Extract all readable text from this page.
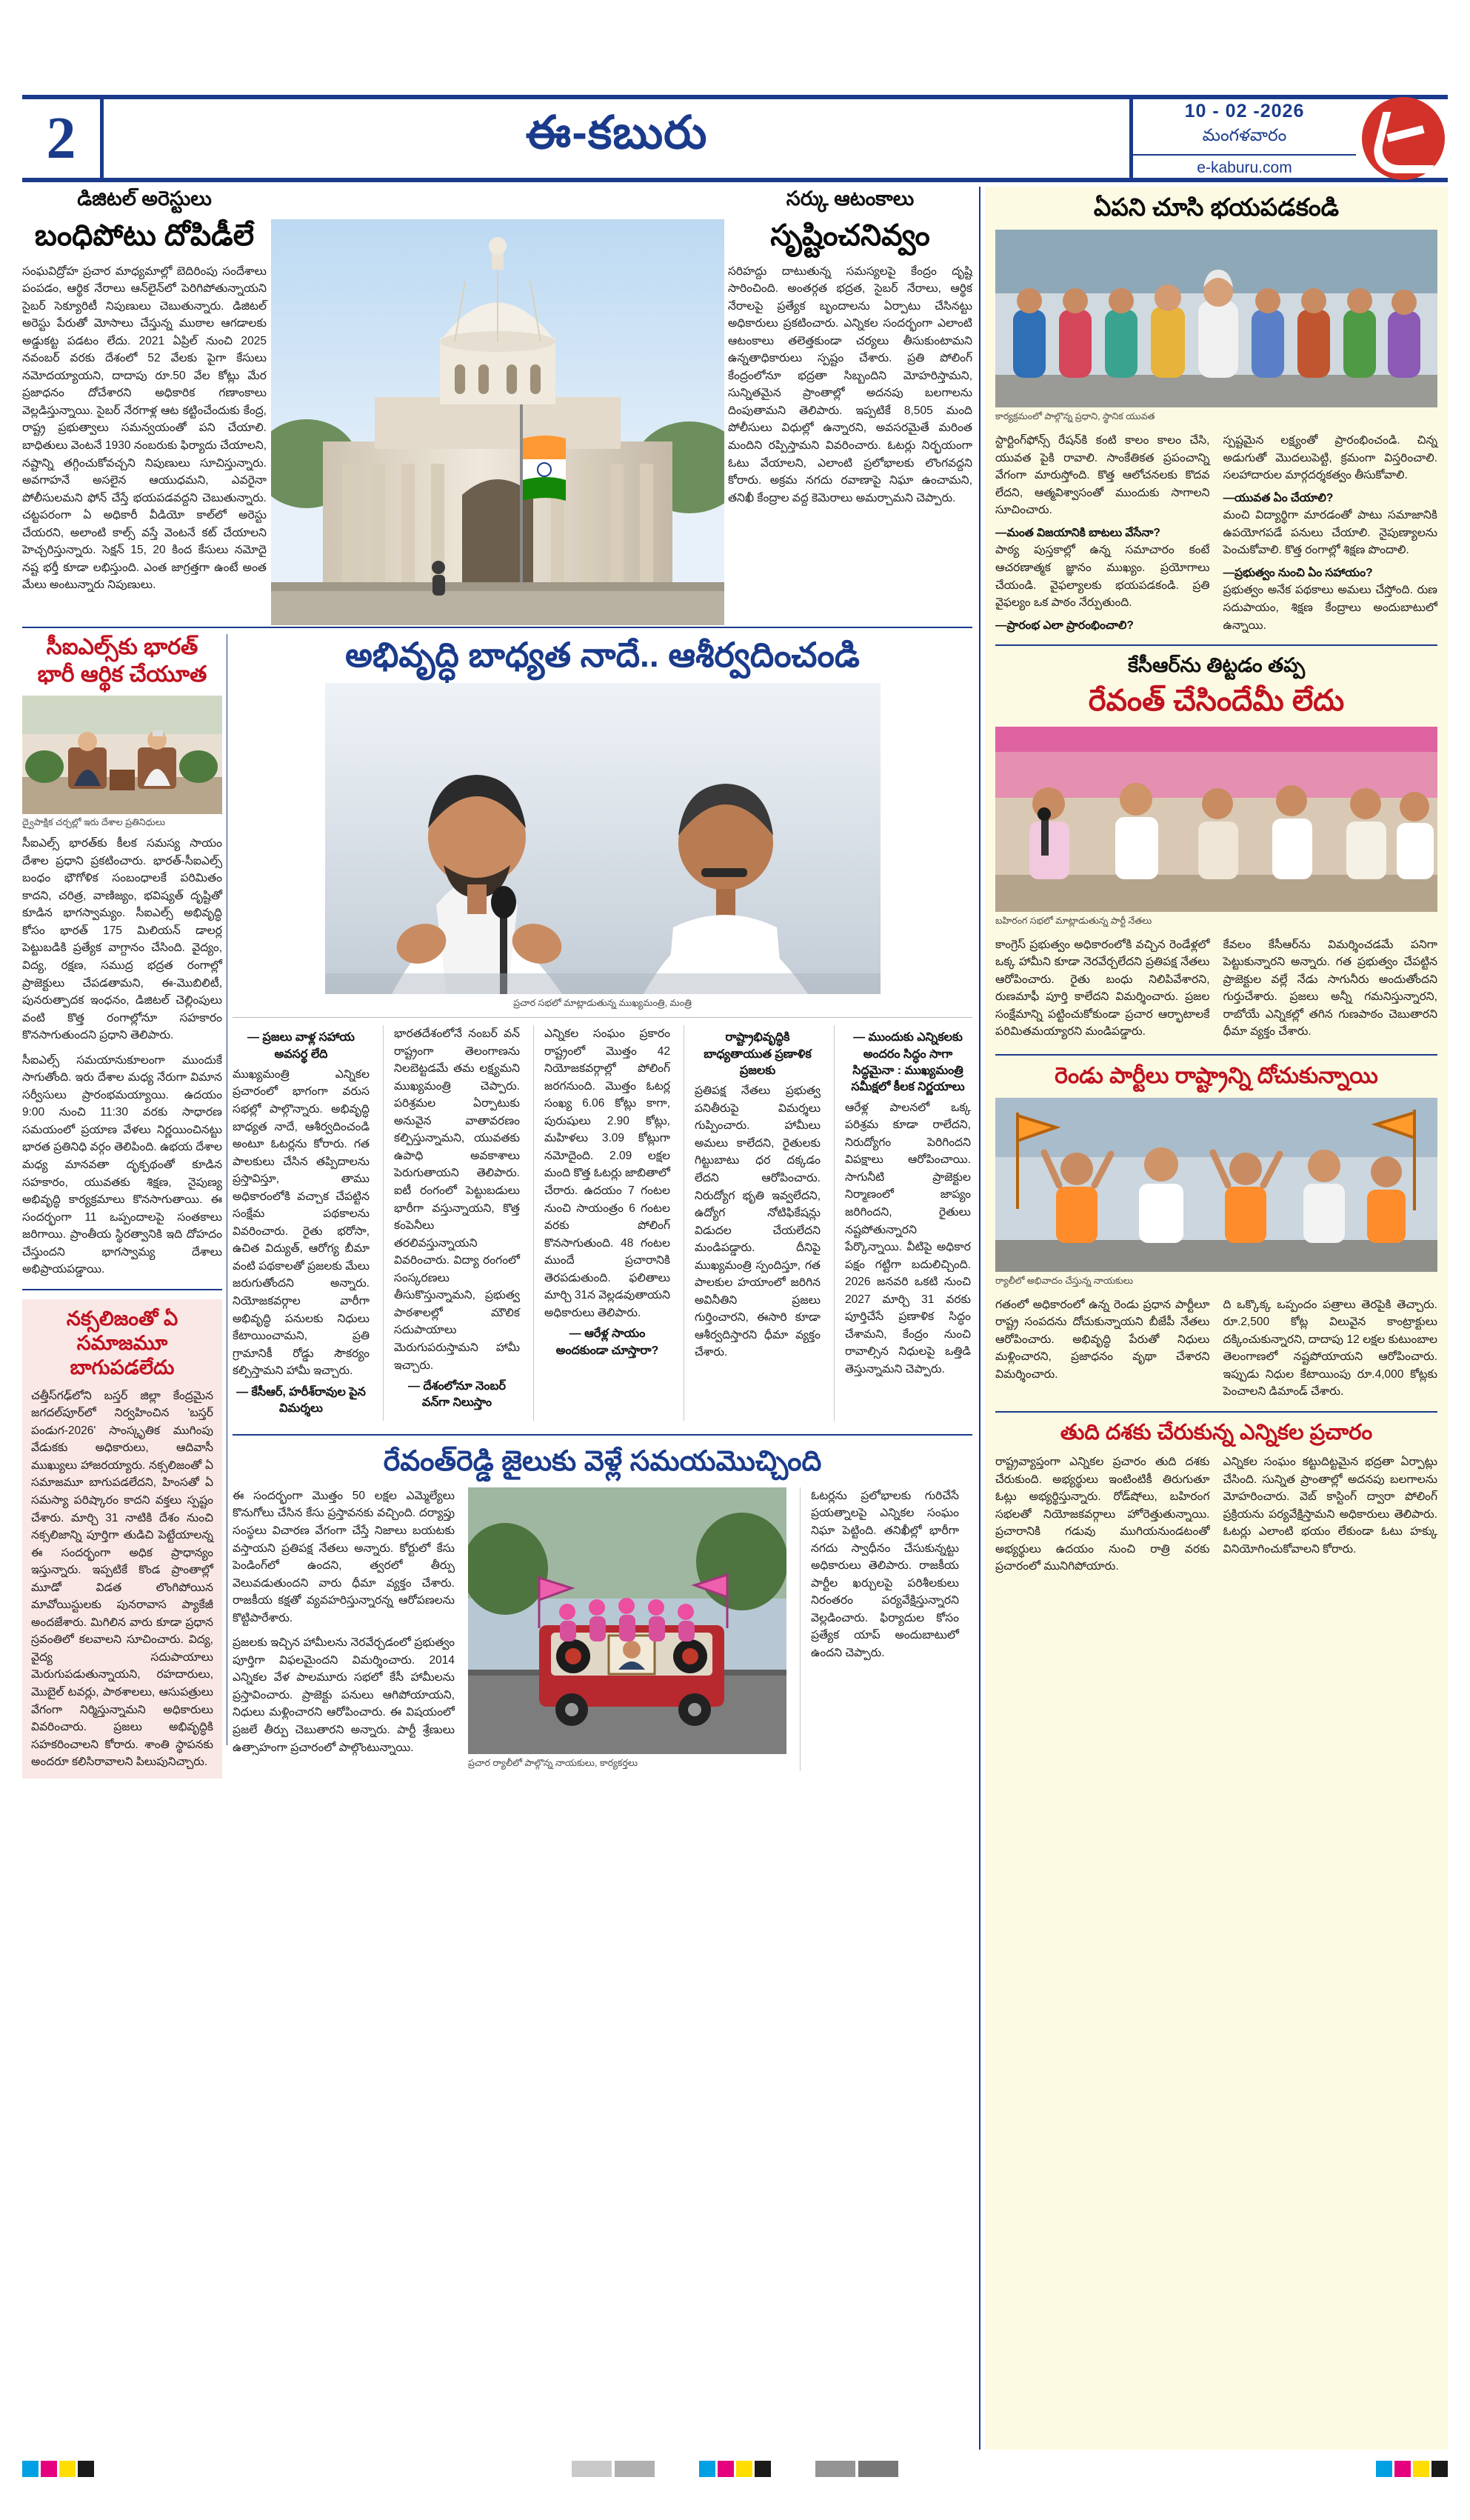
2	ఈ-కబురు	10 - 02 -2026
మంగళవారం
e-kaburu.com
డిజిటల్ అరెస్టులు
బంధిపోటు దోపిడీలే
సంఘవిద్రోహ ప్రచార మాధ్యమాల్లో బెదిరింపు సందేశాలు పంపడం, ఆర్థిక నేరాలు ఆన్‌లైన్‌లో పెరిగిపోతున్నాయని సైబర్ సెక్యూరిటీ నిపుణులు చెబుతున్నారు. డిజిటల్ అరెస్టు పేరుతో మోసాలు చేస్తున్న ముఠాల ఆగడాలకు అడ్డుకట్ట పడటం లేదు. 2021 ఏప్రిల్ నుంచి 2025 నవంబర్ వరకు దేశంలో 52 వేలకు పైగా కేసులు నమోదయ్యాయని, దాదాపు రూ.50 వేల కోట్లు మేర ప్రజాధనం దోచేశారని అధికారిక గణాంకాలు వెల్లడిస్తున్నాయి. సైబర్ నేరగాళ్ల ఆట కట్టించేందుకు కేంద్ర, రాష్ట్ర ప్రభుత్వాలు సమన్వయంతో పని చేయాలి. బాధితులు వెంటనే 1930 నంబరుకు ఫిర్యాదు చేయాలని, నష్టాన్ని తగ్గించుకోవచ్చని నిపుణులు సూచిస్తున్నారు. అవగాహనే అసలైన ఆయుధమని, ఎవరైనా పోలీసులమని ఫోన్ చేస్తే భయపడవద్దని చెబుతున్నారు. చట్టపరంగా ఏ అధికారీ వీడియో కాల్‌లో అరెస్టు చేయరని, అలాంటి కాల్స్ వస్తే వెంటనే కట్ చేయాలని హెచ్చరిస్తున్నారు. సెక్షన్ 15, 20 కింద కేసులు నమోదై నష్ట భర్తీ కూడా లభిస్తుంది. ఎంత జాగ్రత్తగా ఉంటే అంత మేలు అంటున్నారు నిపుణులు.
సర్కు ఆటంకాలు
సృష్టించనివ్వం
సరిహద్దు దాటుతున్న సమస్యలపై కేంద్రం దృష్టి సారించింది. అంతర్గత భద్రత, సైబర్ నేరాలు, ఆర్థిక నేరాలపై ప్రత్యేక బృందాలను ఏర్పాటు చేసినట్టు అధికారులు ప్రకటించారు. ఎన్నికల సందర్భంగా ఎలాంటి ఆటంకాలు తలెత్తకుండా చర్యలు తీసుకుంటామని ఉన్నతాధికారులు స్పష్టం చేశారు. ప్రతి పోలింగ్ కేంద్రంలోనూ భద్రతా సిబ్బందిని మోహరిస్తామని, సున్నితమైన ప్రాంతాల్లో అదనపు బలగాలను దింపుతామని తెలిపారు. ఇప్పటికే 8,505 మంది పోలీసులు విధుల్లో ఉన్నారని, అవసరమైతే మరింత మందిని రప్పిస్తామని వివరించారు. ఓటర్లు నిర్భయంగా ఓటు వేయాలని, ఎలాంటి ప్రలోభాలకు లొంగవద్దని కోరారు. అక్రమ నగదు రవాణాపై నిఘా ఉంచామని, తనిఖీ కేంద్రాల వద్ద కెమెరాలు అమర్చామని చెప్పారు.
సీఐఎల్స్‌కు భారత్
భారీ ఆర్థిక చేయూత
ద్వైపాక్షిక చర్చల్లో ఇరు దేశాల ప్రతినిధులు
సీఐఎల్స్ భారత్‌కు కీలక సమస్య సాయం దేశాల ప్రధాని ప్రకటించారు. భారత్-సీఐఎల్స్ బంధం భౌగోళిక సంబంధాలకే పరిమితం కాదని, చరిత్ర, వాణిజ్యం, భవిష్యత్ దృష్టితో కూడిన భాగస్వామ్యం. సీఐఎల్స్ అభివృద్ధి కోసం భారత్ 175 మిలియన్ డాలర్ల పెట్టుబడికి ప్రత్యేక వాగ్దానం చేసింది. వైద్యం, విద్య, రక్షణ, సముద్ర భద్రత రంగాల్లో ప్రాజెక్టులు చేపడతామని, ఈ-మొబిలిటీ, పునరుత్పాదక ఇంధనం, డిజిటల్ చెల్లింపులు వంటి కొత్త రంగాల్లోనూ సహకారం కొనసాగుతుందని ప్రధాని తెలిపారు.
సీఐఎల్స్ సమయానుకూలంగా ముందుకే సాగుతోంది. ఇరు దేశాల మధ్య నేరుగా విమాన సర్వీసులు ప్రారంభమయ్యాయి. ఉదయం 9:00 నుంచి 11:30 వరకు సాధారణ సమయంలో ప్రయాణ వేళలు నిర్ణయించినట్టు భారత ప్రతినిధి వర్గం తెలిపింది. ఉభయ దేశాల మధ్య మానవతా దృక్పథంతో కూడిన సహకారం, యువతకు శిక్షణ, నైపుణ్య అభివృద్ధి కార్యక్రమాలు కొనసాగుతాయి. ఈ సందర్భంగా 11 ఒప్పందాలపై సంతకాలు జరిగాయి. ప్రాంతీయ స్థిరత్వానికి ఇది దోహదం చేస్తుందని భాగస్వామ్య దేశాలు అభిప్రాయపడ్డాయి.
నక్సలిజంతో ఏ సమాజమూ
బాగుపడలేదు
చత్తీస్‌గఢ్‌లోని బస్తర్ జిల్లా కేంద్రమైన జగదల్‌పూర్‌లో నిర్వహించిన 'బస్తర్ పండుగ-2026' సాంస్కృతిక ముగింపు వేడుకకు అధికారులు, ఆదివాసీ ముఖ్యులు హాజరయ్యారు. నక్సలిజంతో ఏ సమాజమూ బాగుపడలేదని, హింసతో ఏ సమస్యా పరిష్కారం కాదని వక్తలు స్పష్టం చేశారు. మార్చి 31 నాటికి దేశం నుంచి నక్సలిజాన్ని పూర్తిగా తుడిచి పెట్టేయాలన్న ఈ సందర్భంగా అధిక ప్రాధాన్యం ఇస్తున్నారు. ఇప్పటికే కొండ ప్రాంతాల్లో మూడో విడత లొంగిపోయిన మావోయిస్టులకు పునరావాస ప్యాకేజీ అందజేశారు. మిగిలిన వారు కూడా ప్రధాన స్రవంతిలో కలవాలని సూచించారు. విద్య, వైద్య సదుపాయాలు మెరుగుపడుతున్నాయని, రహదారులు, మొబైల్ టవర్లు, పాఠశాలలు, ఆసుపత్రులు వేగంగా నిర్మిస్తున్నామని అధికారులు వివరించారు. ప్రజలు అభివృద్ధికి సహకరించాలని కోరారు. శాంతి స్థాపనకు అందరూ కలిసిరావాలని పిలుపునిచ్చారు.
అభివృద్ధి బాధ్యత నాదే.. ఆశీర్వదించండి
ప్రచార సభలో మాట్లాడుతున్న ముఖ్యమంత్రి, మంత్రి
— ప్రజలు వాళ్ల సహాయ అవసర్థ లేది
ముఖ్యమంత్రి ఎన్నికల ప్రచారంలో భాగంగా వరుస సభల్లో పాల్గొన్నారు. అభివృద్ధి బాధ్యత నాదే, ఆశీర్వదించండి అంటూ ఓటర్లను కోరారు. గత పాలకులు చేసిన తప్పిదాలను ప్రస్తావిస్తూ, తాము అధికారంలోకి వచ్చాక చేపట్టిన సంక్షేమ పథకాలను వివరించారు. రైతు భరోసా, ఉచిత విద్యుత్, ఆరోగ్య బీమా వంటి పథకాలతో ప్రజలకు మేలు జరుగుతోందని అన్నారు. నియోజకవర్గాల వారీగా అభివృద్ధి పనులకు నిధులు కేటాయించామని, ప్రతి గ్రామానికీ రోడ్డు సౌకర్యం కల్పిస్తామని హామీ ఇచ్చారు.
— కేసీఆర్, హరీశ్‌రావుల పైన విమర్శలు
భారతదేశంలోనే నంబర్ వన్ రాష్ట్రంగా తెలంగాణను నిలబెట్టడమే తమ లక్ష్యమని ముఖ్యమంత్రి చెప్పారు. పరిశ్రమల ఏర్పాటుకు అనువైన వాతావరణం కల్పిస్తున్నామని, యువతకు ఉపాధి అవకాశాలు పెరుగుతాయని తెలిపారు. ఐటీ రంగంలో పెట్టుబడులు భారీగా వస్తున్నాయని, కొత్త కంపెనీలు తరలివస్తున్నాయని వివరించారు. విద్యా రంగంలో సంస్కరణలు తీసుకొస్తున్నామని, ప్రభుత్వ పాఠశాలల్లో మౌలిక సదుపాయాలు మెరుగుపరుస్తామని హామీ ఇచ్చారు.
— దేశంలోనూ నెంబర్ వన్‌గా నిలుస్తాం
ఎన్నికల సంఘం ప్రకారం రాష్ట్రంలో మొత్తం 42 నియోజకవర్గాల్లో పోలింగ్ జరగనుంది. మొత్తం ఓటర్ల సంఖ్య 6.06 కోట్లు కాగా, పురుషులు 2.90 కోట్లు, మహిళలు 3.09 కోట్లుగా నమోదైంది. 2.09 లక్షల మంది కొత్త ఓటర్లు జాబితాలో చేరారు. ఉదయం 7 గంటల నుంచి సాయంత్రం 6 గంటల వరకు పోలింగ్ కొనసాగుతుంది. 48 గంటల ముందే ప్రచారానికి తెరపడుతుంది. ఫలితాలు మార్చి 31న వెల్లడవుతాయని అధికారులు తెలిపారు.
— ఆరేళ్ల సాయం అందకుండా చూస్తారా?
రాష్ట్రాభివృద్ధికి బాధ్యతాయుత ప్రణాళిక ప్రజలకు
ప్రతిపక్ష నేతలు ప్రభుత్వ పనితీరుపై విమర్శలు గుప్పించారు. హామీలు అమలు కాలేదని, రైతులకు గిట్టుబాటు ధర దక్కడం లేదని ఆరోపించారు. నిరుద్యోగ భృతి ఇవ్వలేదని, ఉద్యోగ నోటిఫికేషన్లు విడుదల చేయలేదని మండిపడ్డారు. దీనిపై ముఖ్యమంత్రి స్పందిస్తూ, గత పాలకుల హయాంలో జరిగిన అవినీతిని ప్రజలు గుర్తించారని, ఈసారి కూడా ఆశీర్వదిస్తారని ధీమా వ్యక్తం చేశారు.
— ముందుకు ఎన్నికలకు అందరం సిద్ధం సాగా సిద్ధమైనా : ముఖ్యమంత్రి సమీక్షలో కీలక నిర్ణయాలు
ఆరేళ్ల పాలనలో ఒక్క పరిశ్రమ కూడా రాలేదని, నిరుద్యోగం పెరిగిందని విపక్షాలు ఆరోపించాయి. సాగునీటి ప్రాజెక్టుల నిర్మాణంలో జాప్యం జరిగిందని, రైతులు నష్టపోతున్నారని పేర్కొన్నాయి. వీటిపై అధికార పక్షం గట్టిగా బదులిచ్చింది. 2026 జనవరి ఒకటి నుంచి 2027 మార్చి 31 వరకు పూర్తిచేసే ప్రణాళిక సిద్ధం చేశామని, కేంద్రం నుంచి రావాల్సిన నిధులపై ఒత్తిడి తెస్తున్నామని చెప్పారు.
రేవంత్‌రెడ్డి జైలుకు వెళ్లే సమయమొచ్చింది
ఈ సందర్భంగా మొత్తం 50 లక్షల ఎమ్మెల్యేలు కొనుగోలు చేసిన కేసు ప్రస్తావనకు వచ్చింది. దర్యాప్తు సంస్థలు విచారణ వేగంగా చేస్తే నిజాలు బయటకు వస్తాయని ప్రతిపక్ష నేతలు అన్నారు. కోర్టులో కేసు పెండింగ్‌లో ఉందని, త్వరలో తీర్పు వెలువడుతుందని వారు ధీమా వ్యక్తం చేశారు. రాజకీయ కక్షతో వ్యవహరిస్తున్నారన్న ఆరోపణలను కొట్టిపారేశారు.
ప్రజలకు ఇచ్చిన హామీలను నెరవేర్చడంలో ప్రభుత్వం పూర్తిగా విఫలమైందని విమర్శించారు. 2014 ఎన్నికల వేళ పాలమూరు సభలో కేసీ హామీలను ప్రస్తావించారు. ప్రాజెక్టు పనులు ఆగిపోయాయని, నిధులు మళ్లించారని ఆరోపించారు. ఈ విషయంలో ప్రజలే తీర్పు చెబుతారని అన్నారు. పార్టీ శ్రేణులు ఉత్సాహంగా ప్రచారంలో పాల్గొంటున్నాయి.
ప్రచార ర్యాలీలో పాల్గొన్న నాయకులు, కార్యకర్తలు
ఓటర్లను ప్రలోభాలకు గురిచేసే ప్రయత్నాలపై ఎన్నికల సంఘం నిఘా పెట్టింది. తనిఖీల్లో భారీగా నగదు స్వాధీనం చేసుకున్నట్టు అధికారులు తెలిపారు. రాజకీయ పార్టీల ఖర్చులపై పరిశీలకులు నిరంతరం పర్యవేక్షిస్తున్నారని వెల్లడించారు. ఫిర్యాదుల కోసం ప్రత్యేక యాప్ అందుబాటులో ఉందని చెప్పారు.
ఏపని చూసి భయపడకండి
కార్యక్రమంలో పాల్గొన్న ప్రధాని, స్థానిక యువత
స్టార్టింగ్‌ఫోన్స్ రేషన్‌కి కంటి కాలం కాలం చేసి, యువత పైకి రావాలి. సాంకేతికత ప్రపంచాన్ని వేగంగా మారుస్తోంది. కొత్త ఆలోచనలకు కొదవ లేదని, ఆత్మవిశ్వాసంతో ముందుకు సాగాలని సూచించారు.
—మంత విజయానికి బాటలు వేసేనా?
పాఠ్య పుస్తకాల్లో ఉన్న సమాచారం కంటే ఆచరణాత్మక జ్ఞానం ముఖ్యం. ప్రయోగాలు చేయండి. వైఫల్యాలకు భయపడకండి. ప్రతి వైఫల్యం ఒక పాఠం నేర్పుతుంది.
—ప్రారంభ ఎలా ప్రారంభించాలి?
స్పష్టమైన లక్ష్యంతో ప్రారంభించండి. చిన్న అడుగుతో మొదలుపెట్టి, క్రమంగా విస్తరించాలి. సలహాదారుల మార్గదర్శకత్వం తీసుకోవాలి.
—యువత ఏం చేయాలి?
మంచి విద్యార్థిగా మారడంతో పాటు సమాజానికి ఉపయోగపడే పనులు చేయాలి. నైపుణ్యాలను పెంచుకోవాలి. కొత్త రంగాల్లో శిక్షణ పొందాలి.
—ప్రభుత్వం నుంచి ఏం సహాయం?
ప్రభుత్వం అనేక పథకాలు అమలు చేస్తోంది. రుణ సదుపాయం, శిక్షణ కేంద్రాలు అందుబాటులో ఉన్నాయి.
కేసీఆర్‌ను తిట్టడం తప్ప
రేవంత్ చేసిందేమీ లేదు
బహిరంగ సభలో మాట్లాడుతున్న పార్టీ నేతలు
కాంగ్రెస్ ప్రభుత్వం అధికారంలోకి వచ్చిన రెండేళ్లలో ఒక్క హామీని కూడా నెరవేర్చలేదని ప్రతిపక్ష నేతలు ఆరోపించారు. రైతు బంధు నిలిపివేశారని, రుణమాఫీ పూర్తి కాలేదని విమర్శించారు. ప్రజల సంక్షేమాన్ని పట్టించుకోకుండా ప్రచార ఆర్భాటాలకే పరిమితమయ్యారని మండిపడ్డారు.
కేవలం కేసీఆర్‌ను విమర్శించడమే పనిగా పెట్టుకున్నారని అన్నారు. గత ప్రభుత్వం చేపట్టిన ప్రాజెక్టుల వల్లే నేడు సాగునీరు అందుతోందని గుర్తుచేశారు. ప్రజలు అన్నీ గమనిస్తున్నారని, రాబోయే ఎన్నికల్లో తగిన గుణపాఠం చెబుతారని ధీమా వ్యక్తం చేశారు.
రెండు పార్టీలు రాష్ట్రాన్ని దోచుకున్నాయి
ర్యాలీలో అభివాదం చేస్తున్న నాయకులు
గతంలో అధికారంలో ఉన్న రెండు ప్రధాన పార్టీలూ రాష్ట్ర సంపదను దోచుకున్నాయని బీజేపీ నేతలు ఆరోపించారు. అభివృద్ధి పేరుతో నిధులు మళ్లించారని, ప్రజాధనం వృథా చేశారని విమర్శించారు.
ది ఒక్కొక్క ఒప్పందం పత్రాలు తెరపైకి తెచ్చారు. రూ.2,500 కోట్ల విలువైన కాంట్రాక్టులు దక్కించుకున్నారని, దాదాపు 12 లక్షల కుటుంబాల తెలంగాణలో నష్టపోయాయని ఆరోపించారు. ఇప్పుడు నిధుల కేటాయింపు రూ.4,000 కోట్లకు పెంచాలని డిమాండ్ చేశారు.
తుది దశకు చేరుకున్న ఎన్నికల ప్రచారం
రాష్ట్రవ్యాప్తంగా ఎన్నికల ప్రచారం తుది దశకు చేరుకుంది. అభ్యర్థులు ఇంటింటికీ తిరుగుతూ ఓట్లు అభ్యర్థిస్తున్నారు. రోడ్‌షోలు, బహిరంగ సభలతో నియోజకవర్గాలు హోరెత్తుతున్నాయి. ప్రచారానికి గడువు ముగియనుండటంతో అభ్యర్థులు ఉదయం నుంచి రాత్రి వరకు ప్రచారంలో మునిగిపోయారు.
ఎన్నికల సంఘం కట్టుదిట్టమైన భద్రతా ఏర్పాట్లు చేసింది. సున్నిత ప్రాంతాల్లో అదనపు బలగాలను మోహరించారు. వెబ్ కాస్టింగ్ ద్వారా పోలింగ్ ప్రక్రియను పర్యవేక్షిస్తామని అధికారులు తెలిపారు. ఓటర్లు ఎలాంటి భయం లేకుండా ఓటు హక్కు వినియోగించుకోవాలని కోరారు.
